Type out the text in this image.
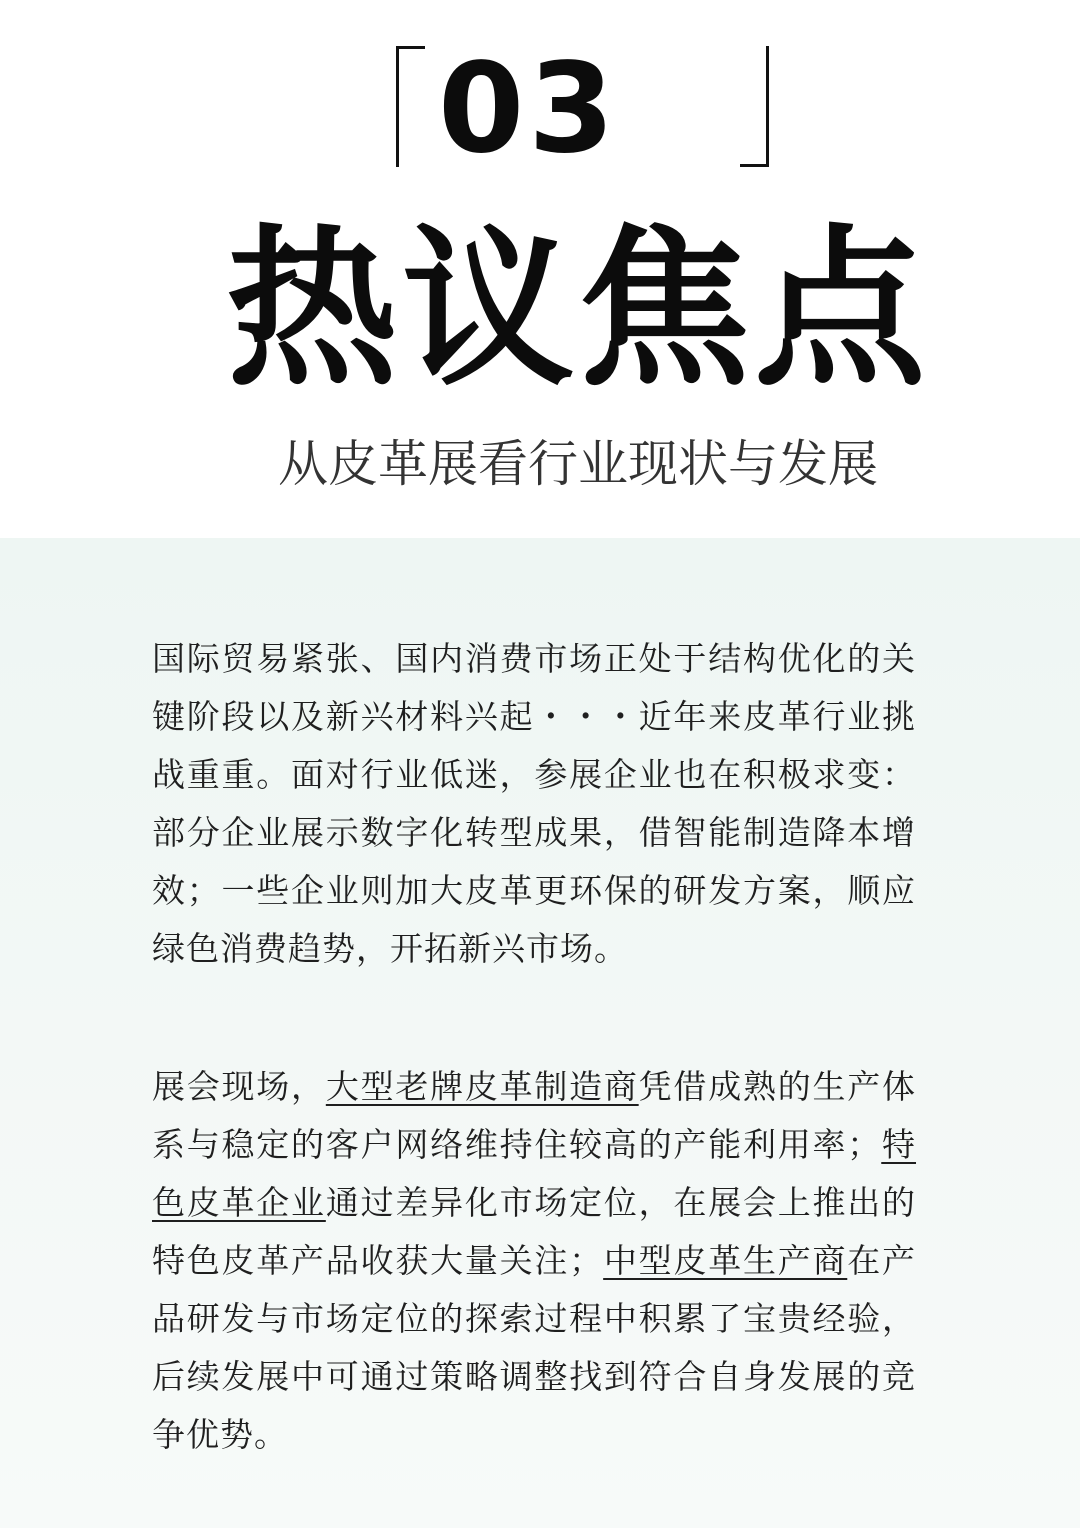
03
热议焦点
从皮革展看行业现状与发展

国际贸易紧张、国内消费市场正处于结构优化的关键阶段以及新兴材料兴起・・・近年来皮革行业挑战重重。面对行业低迷，参展企业也在积极求变：部分企业展示数字化转型成果，借智能制造降本增效；一些企业则加大皮革更环保的研发方案，顺应绿色消费趋势，开拓新兴市场。

展会现场，大型老牌皮革制造商凭借成熟的生产体系与稳定的客户网络维持住较高的产能利用率；特色皮革企业通过差异化市场定位，在展会上推出的特色皮革产品收获大量关注；中型皮革生产商在产品研发与市场定位的探索过程中积累了宝贵经验，后续发展中可通过策略调整找到符合自身发展的竞争优势。
